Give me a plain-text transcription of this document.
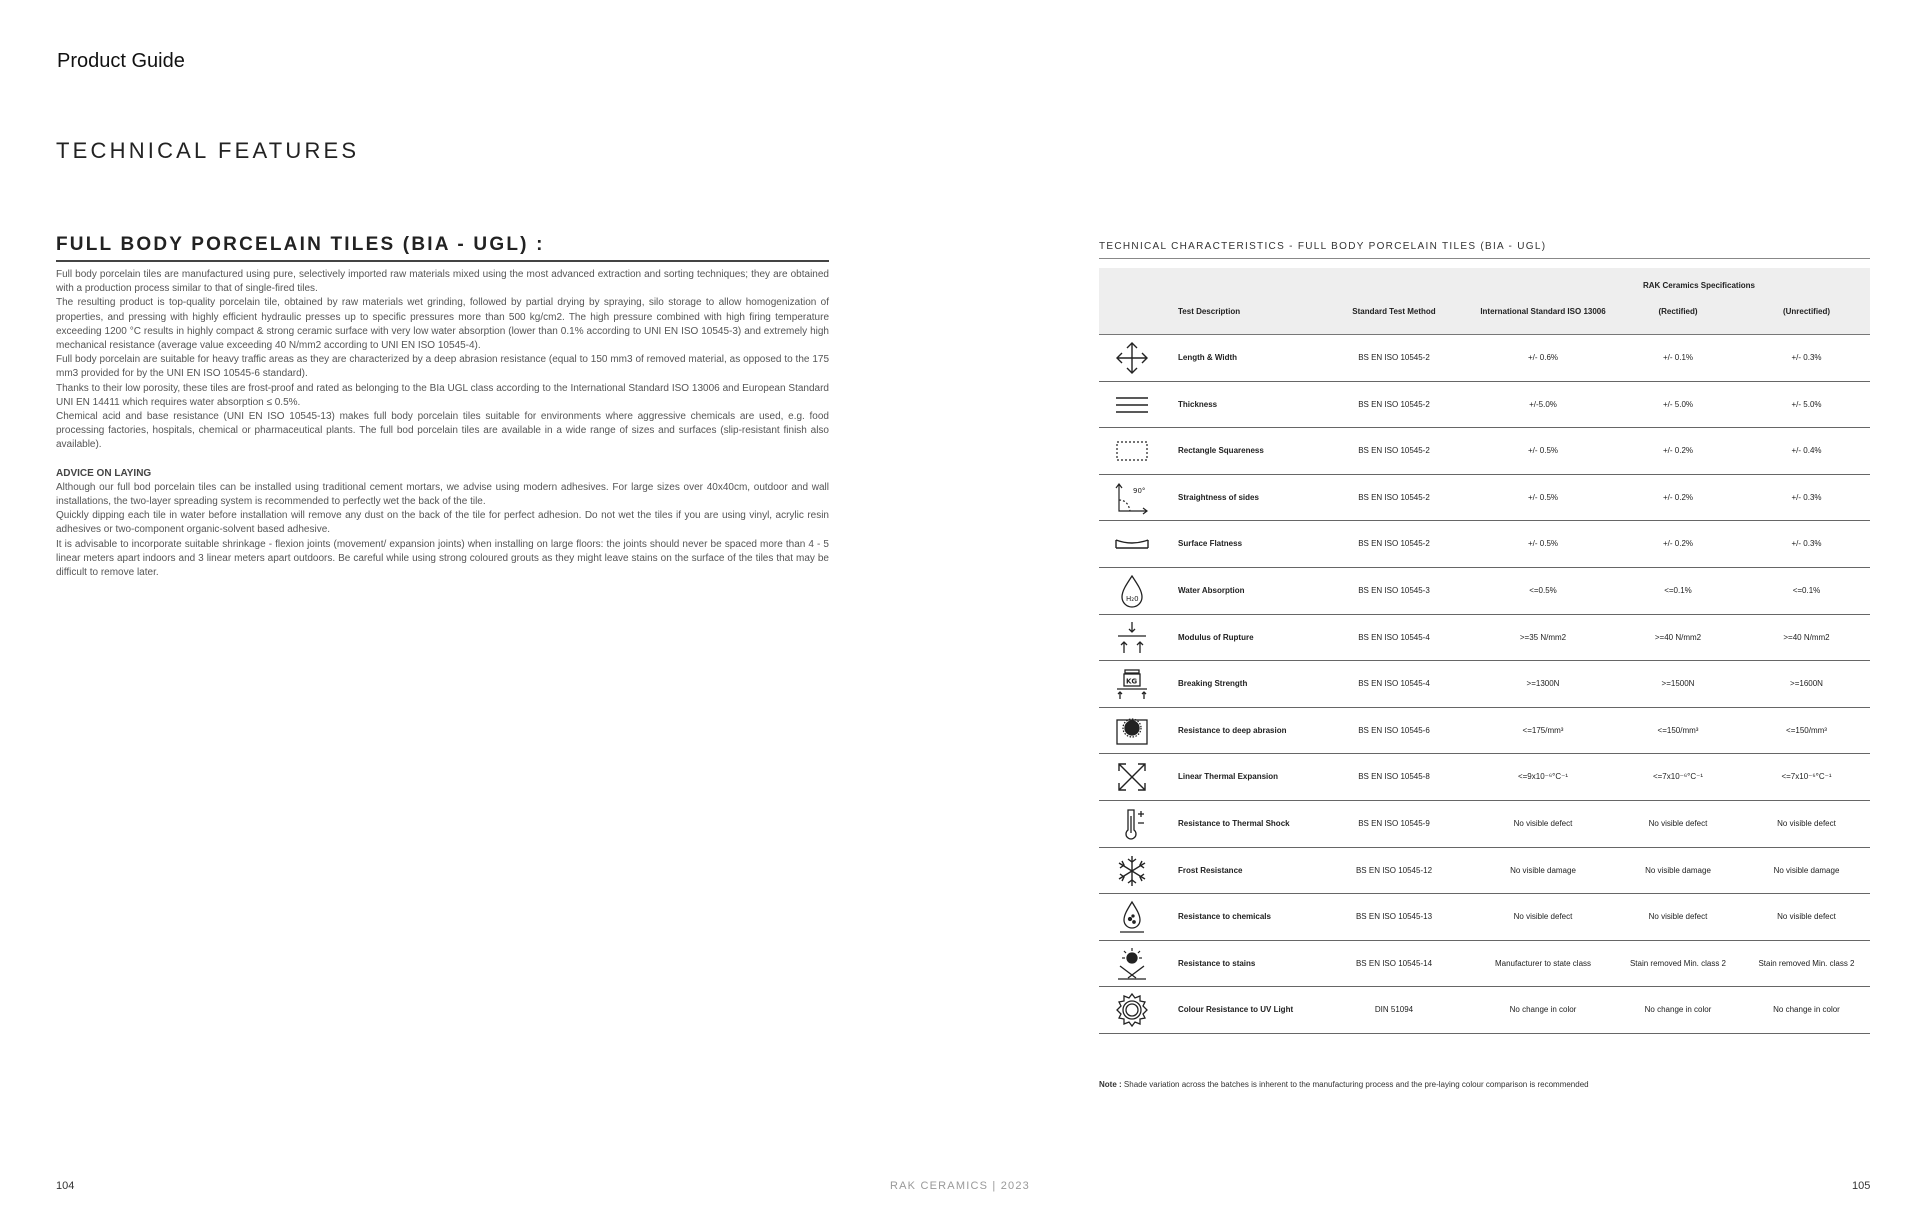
Product Guide
TECHNICAL FEATURES
FULL BODY PORCELAIN TILES (BIA - UGL) :

Full body porcelain tiles are manufactured using pure, selectively imported raw materials mixed using the most advanced extraction and sorting techniques; they are obtained with a production process similar to that of single-fired tiles.

The resulting product is top-quality porcelain tile, obtained by raw materials wet grinding, followed by partial drying by spraying, silo storage to allow homogenization of properties, and pressing with highly efficient hydraulic presses up to specific pressures more than 500 kg/cm2. The high pressure combined with high firing temperature exceeding 1200 °C results in highly compact & strong ceramic surface with very low water absorption (lower than 0.1% according to UNI EN ISO 10545-3) and extremely high mechanical resistance (average value exceeding 40 N/mm2 according to UNI EN ISO 10545-4).

Full body porcelain are suitable for heavy traffic areas as they are characterized by a deep abrasion resistance (equal to 150 mm3 of removed material, as opposed to the 175 mm3 provided for by the UNI EN ISO 10545-6 standard).

Thanks to their low porosity, these tiles are frost-proof and rated as belonging to the BIa UGL class according to the International Standard ISO 13006 and European Standard UNI EN 14411 which requires water absorption ≤ 0.5%.

Chemical acid and base resistance (UNI EN ISO 10545-13) makes full body porcelain tiles suitable for environments where aggressive chemicals are used, e.g. food processing factories, hospitals, chemical or pharmaceutical plants. The full bod porcelain tiles are available in a wide range of sizes and surfaces (slip-resistant finish also available).

ADVICE ON LAYING

Although our full bod porcelain tiles can be installed using traditional cement mortars, we advise using modern adhesives. For large sizes over 40x40cm, outdoor and wall installations, the two-layer spreading system is recommended to perfectly wet the back of the tile.

Quickly dipping each tile in water before installation will remove any dust on the back of the tile for perfect adhesion. Do not wet the tiles if you are using vinyl, acrylic resin adhesives or two-component organic-solvent based adhesive.

It is advisable to incorporate suitable shrinkage - flexion joints (movement/ expansion joints) when installing on large floors: the joints should never be spaced more than 4 - 5 linear meters apart indoors and 3 linear meters apart outdoors. Be careful while using strong coloured grouts as they might leave stains on the surface of the tiles that may be difficult to remove later.

TECHNICAL CHARACTERISTICS - FULL BODY PORCELAIN TILES (BIA - UGL)
RAK Ceramics Specifications
Test Description	Standard Test Method	International Standard ISO 13006	(Rectified)	(Unrectified)
Length & Width	BS EN ISO 10545-2	+/- 0.6%	+/- 0.1%	+/- 0.3%
Thickness	BS EN ISO 10545-2	+/-5.0%	+/- 5.0%	+/- 5.0%
Rectangle Squareness	BS EN ISO 10545-2	+/- 0.5%	+/- 0.2%	+/- 0.4%
90°
Straightness of sides	BS EN ISO 10545-2	+/- 0.5%	+/- 0.2%	+/- 0.3%
Surface Flatness	BS EN ISO 10545-2	+/- 0.5%	+/- 0.2%	+/- 0.3%
H₂0
Water Absorption	BS EN ISO 10545-3	<=0.5%	<=0.1%	<=0.1%
Modulus of Rupture	BS EN ISO 10545-4	>=35 N/mm2	>=40 N/mm2	>=40 N/mm2
KG	Breaking Strength	BS EN ISO 10545-4	>=1300N	>=1500N	>=1600N
Resistance to deep abrasion	BS EN ISO 10545-6	<=175/mm³	<=150/mm³	<=150/mm³
Linear Thermal Expansion	BS EN ISO 10545-8	<=9x10⁻⁶°C⁻¹	<=7x10⁻⁶°C⁻¹	<=7x10⁻⁶°C⁻¹
Resistance to Thermal Shock	BS EN ISO 10545-9	No visible defect	No visible defect	No visible defect
Frost Resistance	BS EN ISO 10545-12	No visible damage	No visible damage	No visible damage
Resistance to chemicals	BS EN ISO 10545-13	No visible defect	No visible defect	No visible defect
Resistance to stains	BS EN ISO 10545-14	Manufacturer to state class	Stain removed Min. class 2	Stain removed Min. class 2
Colour Resistance to UV Light	DIN 51094	No change in color	No change in color	No change in color
Note : Shade variation across the batches is inherent to the manufacturing process and the pre-laying colour comparison is recommended
104	RAK CERAMICS | 2023	105
